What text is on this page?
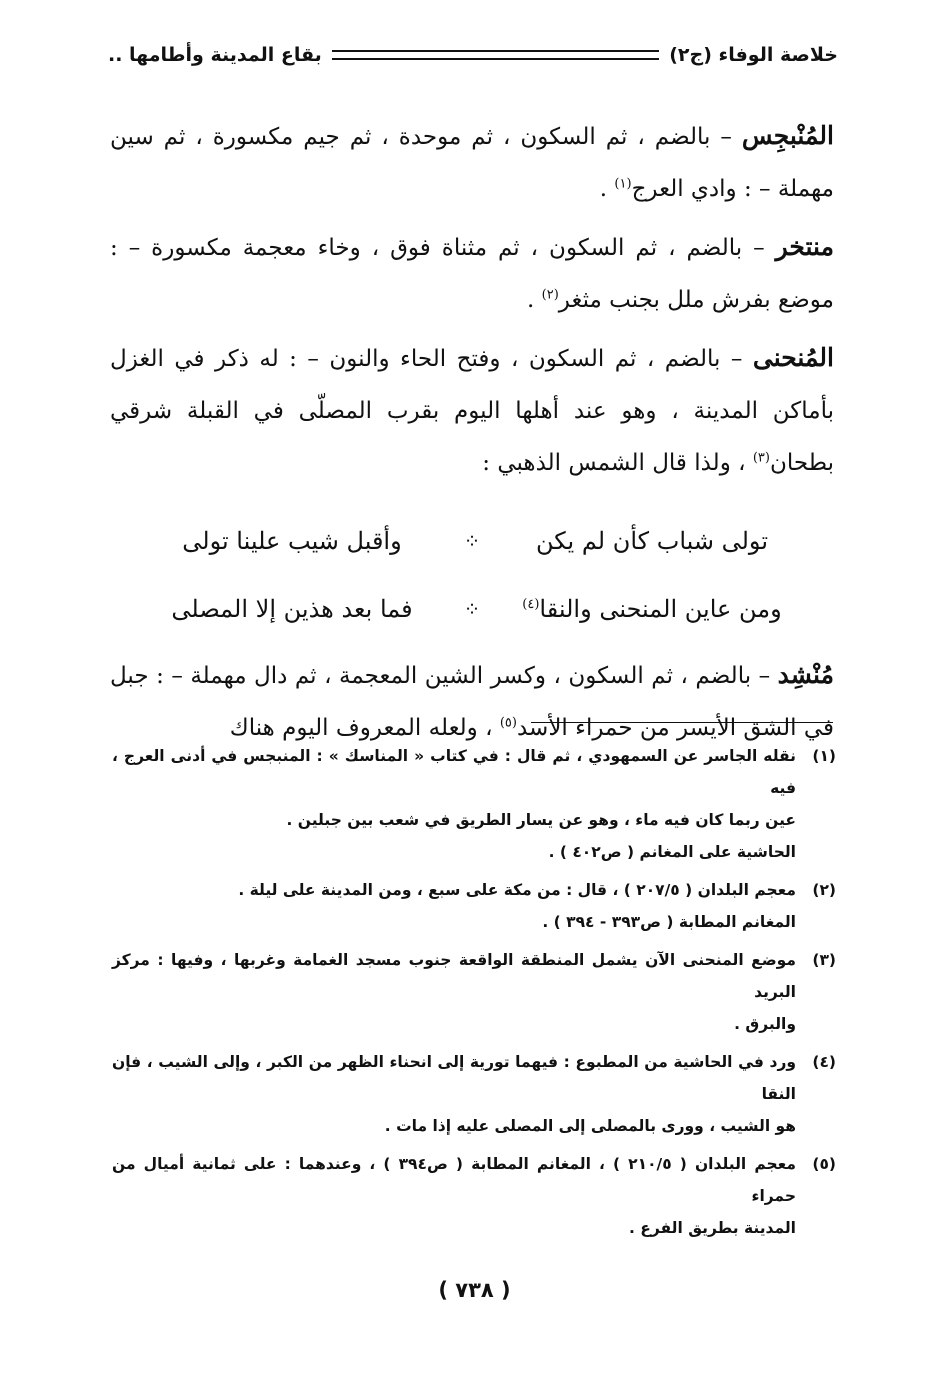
خلاصة الوفاء (ج٢)
بقاع المدينة وأطامها ..

المُنْبجِس – بالضم ، ثم السكون ، ثم موحدة ، ثم جيم مكسورة ، ثم سين مهملة – : وادي العرج$^{(١)}$ .

منتخر – بالضم ، ثم السكون ، ثم مثناة فوق ، وخاء معجمة مكسورة – : موضع بفرش ملل بجنب مثغر$^{(٢)}$ .

المُنحنى – بالضم ، ثم السكون ، وفتح الحاء والنون – : له ذكر في الغزل بأماكن المدينة ، وهو عند أهلها اليوم بقرب المصلّى في القبلة شرقي بطحان$^{(٣)}$ ، ولذا قال الشمس الذهبي :

تولى شباب كأن لم يكن
⁘
وأقبل شيب علينا تولى
ومن عاين المنحنى والنقا$^{(٤)}$
⁘
فما بعد هذين إلا المصلى

مُنْشِد – بالضم ، ثم السكون ، وكسر الشين المعجمة ، ثم دال مهملة – : جبل في الشق الأيسر من حمراء الأسد$^{(٥)}$ ، ولعله المعروف اليوم هناك

(١)
نقله الجاسر عن السمهودي ، ثم قال : في كتاب « المناسك » : المنبجس في أدنى العرج ، فيه
عين ربما كان فيه ماء ، وهو عن يسار الطريق في شعب بين جبلين .
الحاشية على المغانم ( ص٤٠٢ ) .
(٢)
معجم البلدان ( ٢٠٧/٥ ) ، قال : من مكة على سبع ، ومن المدينة على ليلة .
المغانم المطابة ( ص٣٩٣ - ٣٩٤ ) .
(٣)
موضع المنحنى الآن يشمل المنطقة الواقعة جنوب مسجد الغمامة وغربها ، وفيها : مركز البريد
والبرق .
(٤)
ورد في الحاشية من المطبوع : فيهما تورية إلى انحناء الظهر من الكبر ، وإلى الشيب ، فإن النقا
هو الشيب ، وورى بالمصلى إلى المصلى عليه إذا مات .
(٥)
معجم البلدان ( ٢١٠/٥ ) ، المغانم المطابة ( ص٣٩٤ ) ، وعندهما : على ثمانية أميال من حمراء
المدينة بطريق الفرع .
( ٧٣٨ )
